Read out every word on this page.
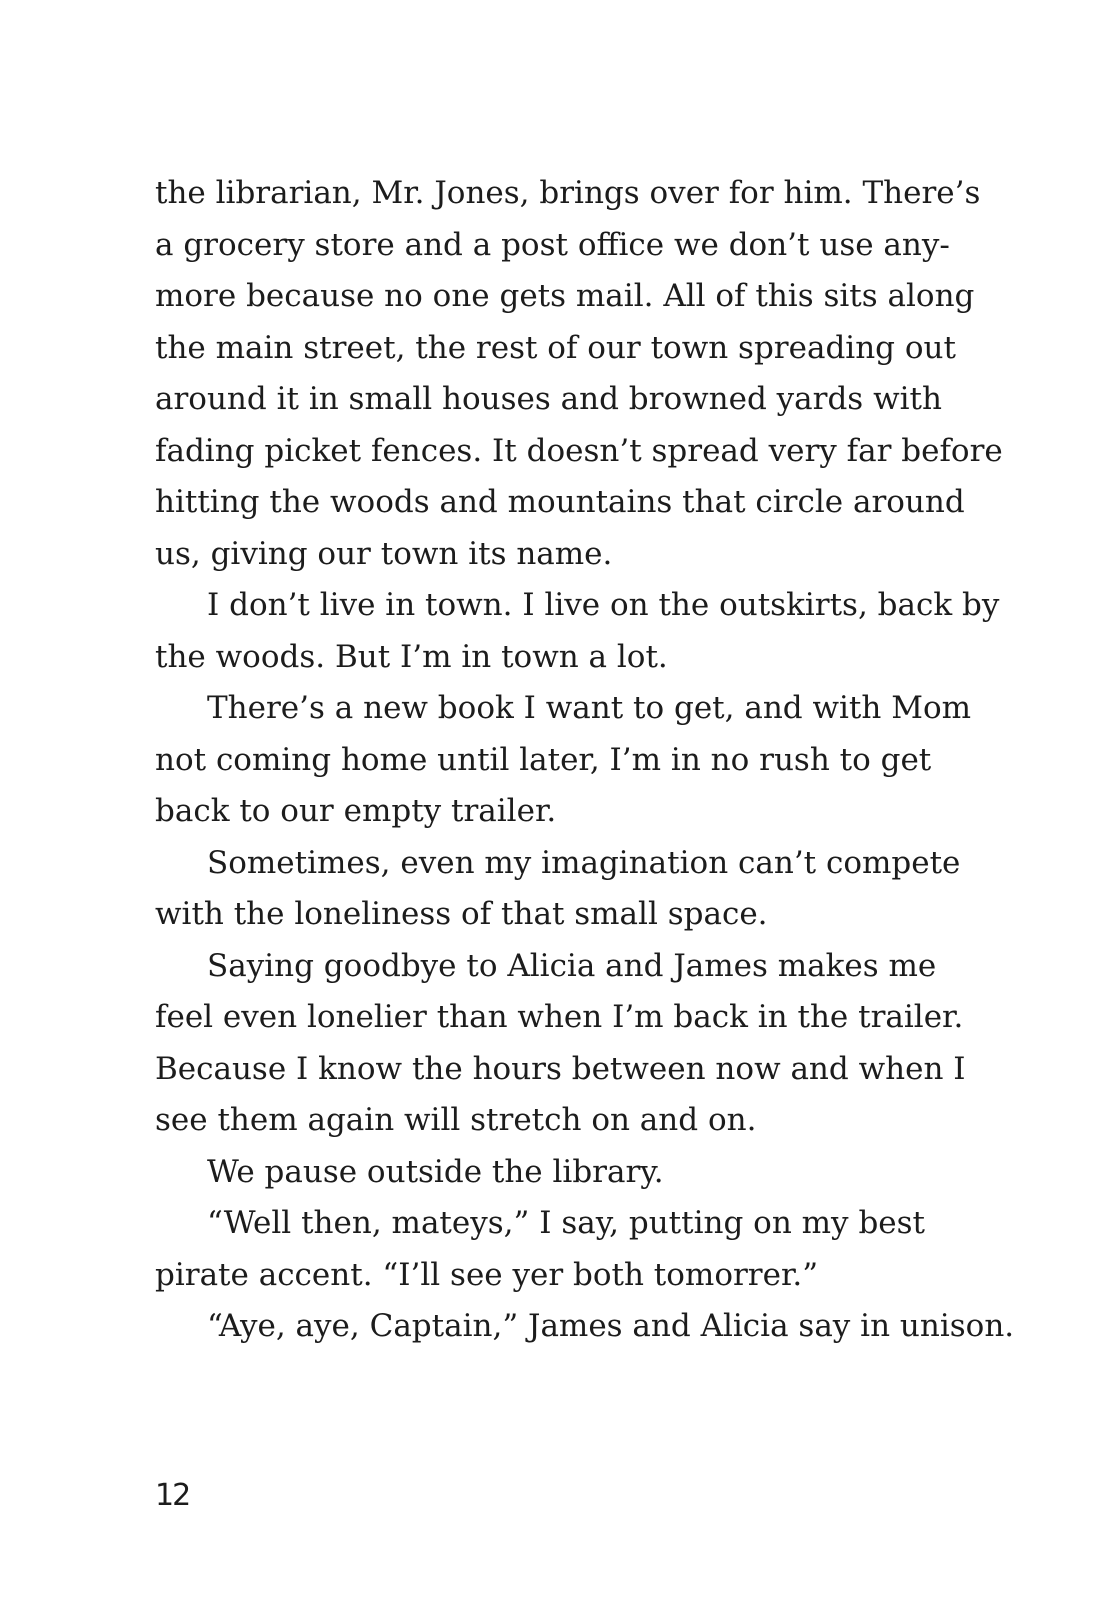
the librarian, Mr. Jones, brings over for him. There’s
a grocery store and a post office we don’t use any-
more because no one gets mail. All of this sits along
the main street, the rest of our town spreading out
around it in small houses and browned yards with
fading picket fences. It doesn’t spread very far before
hitting the woods and mountains that circle around
us, giving our town its name.
I don’t live in town. I live on the outskirts, back by
the woods. But I’m in town a lot.
There’s a new book I want to get, and with Mom
not coming home until later, I’m in no rush to get
back to our empty trailer.
Sometimes, even my imagination can’t compete
with the loneliness of that small space.
Saying goodbye to Alicia and James makes me
feel even lonelier than when I’m back in the trailer.
Because I know the hours between now and when I
see them again will stretch on and on.
We pause outside the library.
“Well then, mateys,” I say, putting on my best
pirate accent. “I’ll see yer both tomorrer.”
“Aye, aye, Captain,” James and Alicia say in unison.
12
